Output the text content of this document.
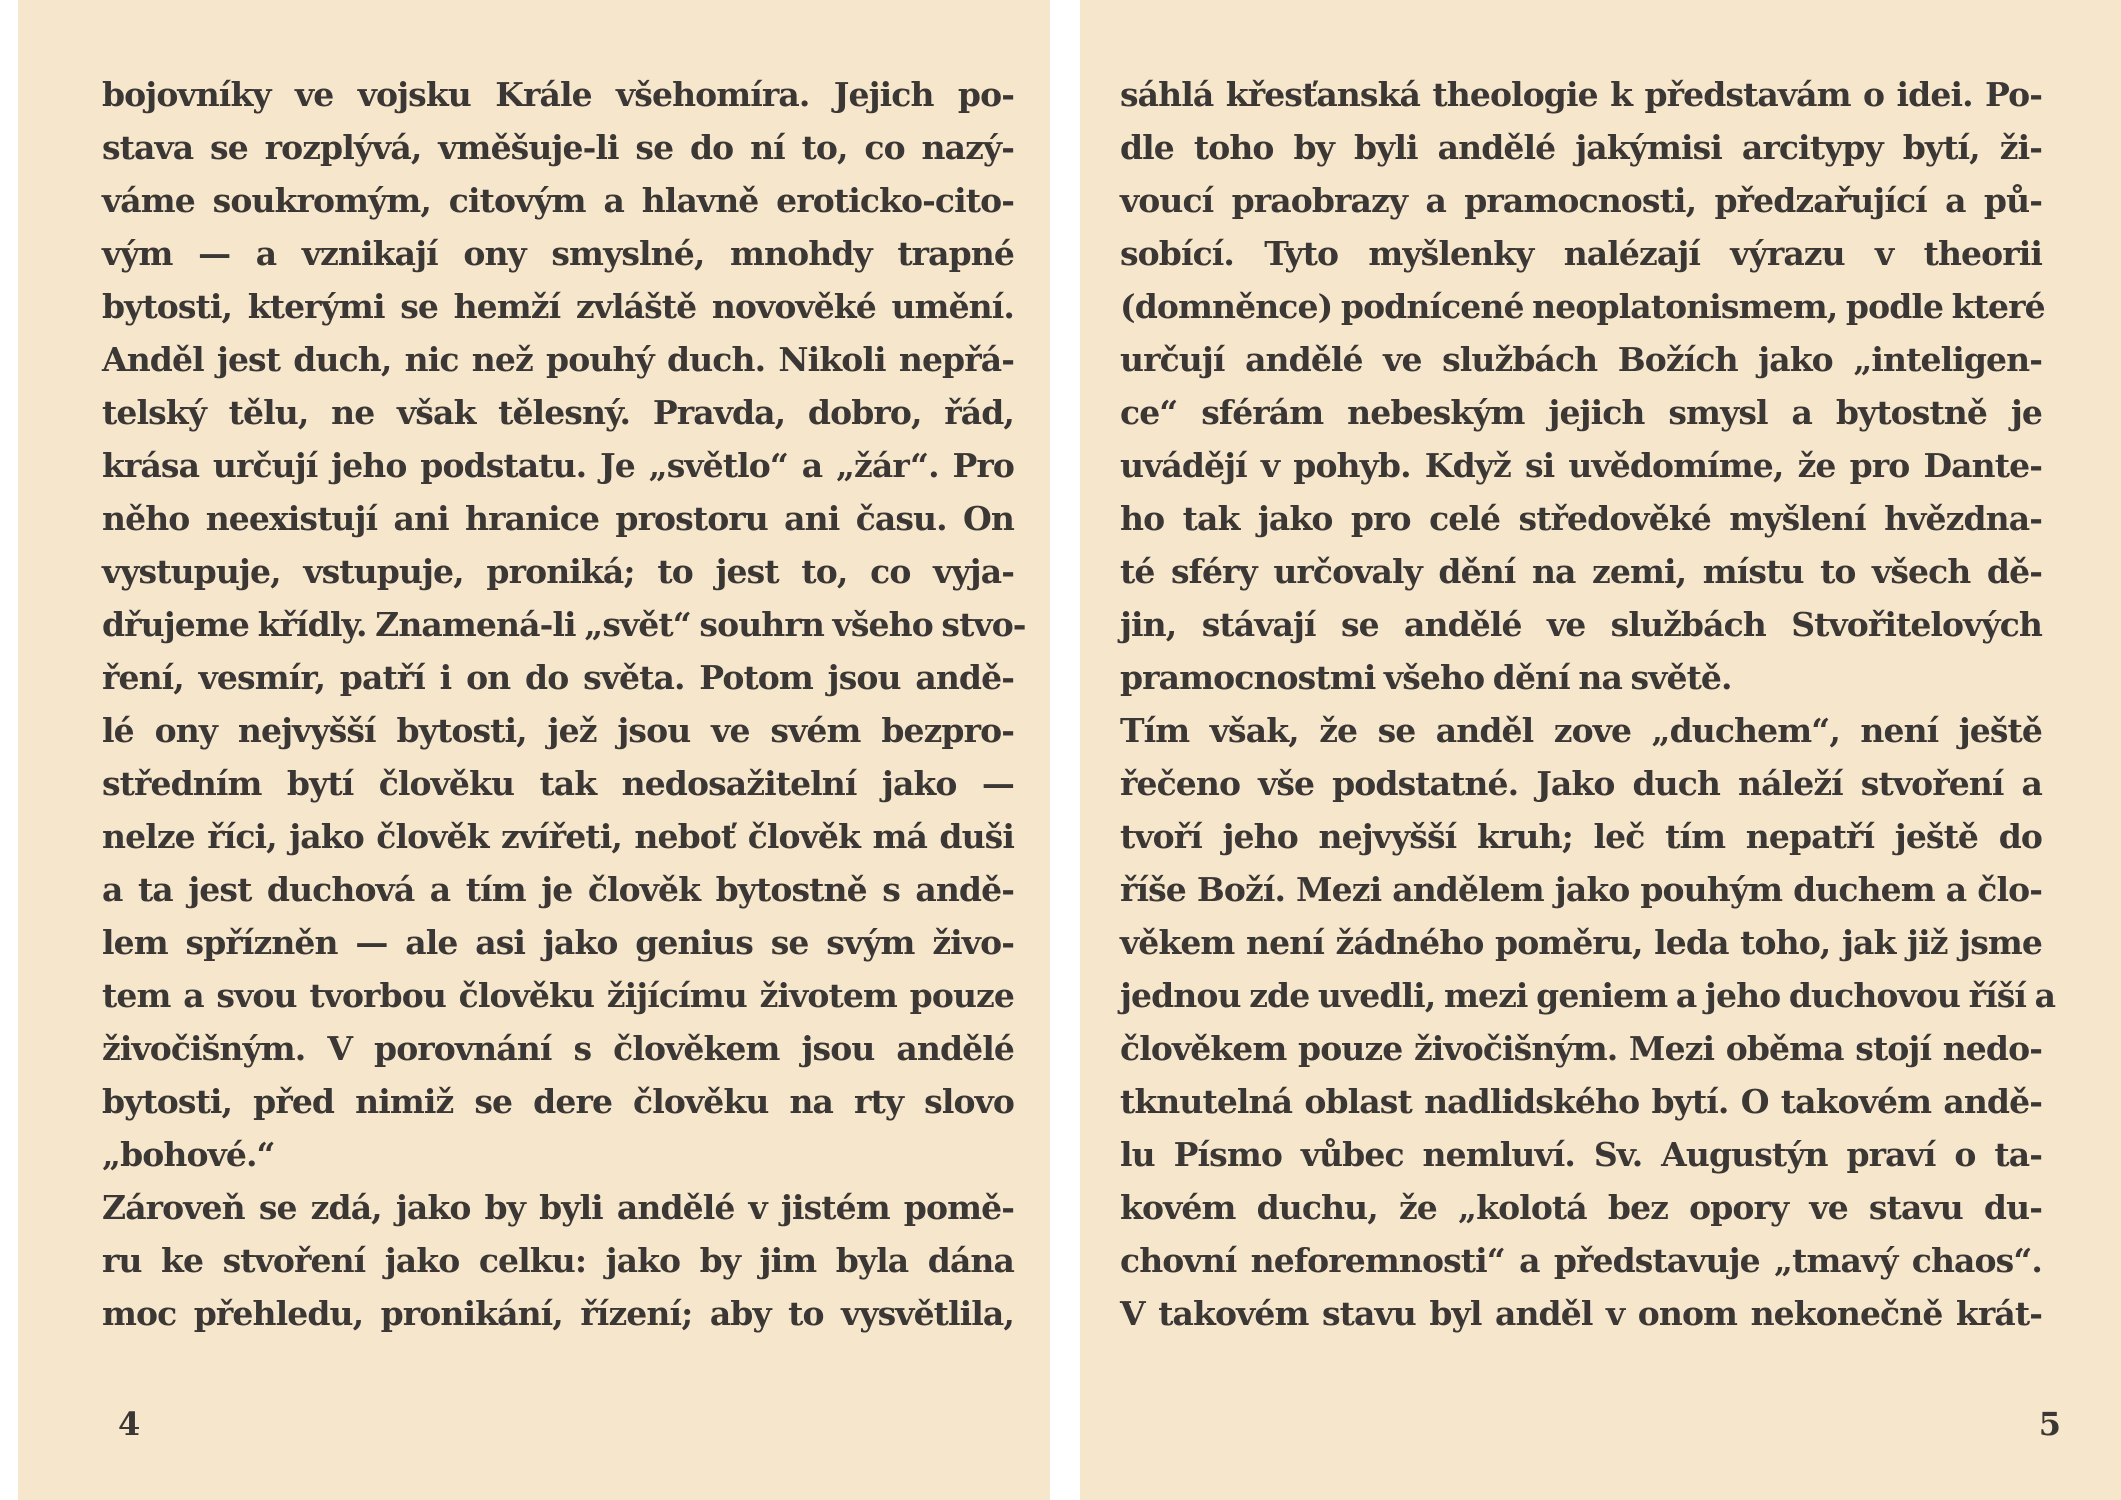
bojovníky ve vojsku Krále všehomíra. Jejich po-
stava se rozplývá, vměšuje-li se do ní to, co nazý-
váme soukromým, citovým a hlavně eroticko-cito-
vým — a vznikají ony smyslné, mnohdy trapné
bytosti, kterými se hemží zvláště novověké umění.
Anděl jest duch, nic než pouhý duch. Nikoli nepřá-
telský tělu, ne však tělesný. Pravda, dobro, řád,
krása určují jeho podstatu. Je „světlo“ a „žár“. Pro
něho neexistují ani hranice prostoru ani času. On
vystupuje, vstupuje, proniká; to jest to, co vyja-
dřujeme křídly. Znamená-li „svět“ souhrn všeho stvo-
ření, vesmír, patří i on do světa. Potom jsou andě-
lé ony nejvyšší bytosti, jež jsou ve svém bezpro-
středním bytí člověku tak nedosažitelní jako —
nelze říci, jako člověk zvířeti, neboť člověk má duši
a ta jest duchová a tím je člověk bytostně s andě-
lem spřízněn — ale asi jako genius se svým živo-
tem a svou tvorbou člověku žijícímu životem pouze
živočišným. V porovnání s člověkem jsou andělé
bytosti, před nimiž se dere člověku na rty slovo
„bohové.“
Zároveň se zdá, jako by byli andělé v jistém pomě-
ru ke stvoření jako celku: jako by jim byla dána
moc přehledu, pronikání, řízení; aby to vysvětlila,
4
sáhlá křesťanská theologie k představám o idei. Po-
dle toho by byli andělé jakýmisi arcitypy bytí, ži-
voucí praobrazy a pramocnosti, předzařující a pů-
sobící. Tyto myšlenky nalézají výrazu v theorii
(domněnce) podnícené neoplatonismem, podle které
určují andělé ve službách Božích jako „inteligen-
ce“ sférám nebeským jejich smysl a bytostně je
uvádějí v pohyb. Když si uvědomíme, že pro Dante-
ho tak jako pro celé středověké myšlení hvězdna-
té sféry určovaly dění na zemi, místu to všech dě-
jin, stávají se andělé ve službách Stvořitelových
pramocnostmi všeho dění na světě.
Tím však, že se anděl zove „duchem“, není ještě
řečeno vše podstatné. Jako duch náleží stvoření a
tvoří jeho nejvyšší kruh; leč tím nepatří ještě do
říše Boží. Mezi andělem jako pouhým duchem a člo-
věkem není žádného poměru, leda toho, jak již jsme
jednou zde uvedli, mezi geniem a jeho duchovou říší a
člověkem pouze živočišným. Mezi oběma stojí nedo-
tknutelná oblast nadlidského bytí. O takovém andě-
lu Písmo vůbec nemluví. Sv. Augustýn praví o ta-
kovém duchu, že „kolotá bez opory ve stavu du-
chovní neforemnosti“ a představuje „tmavý chaos“.
V takovém stavu byl anděl v onom nekonečně krát-
5
